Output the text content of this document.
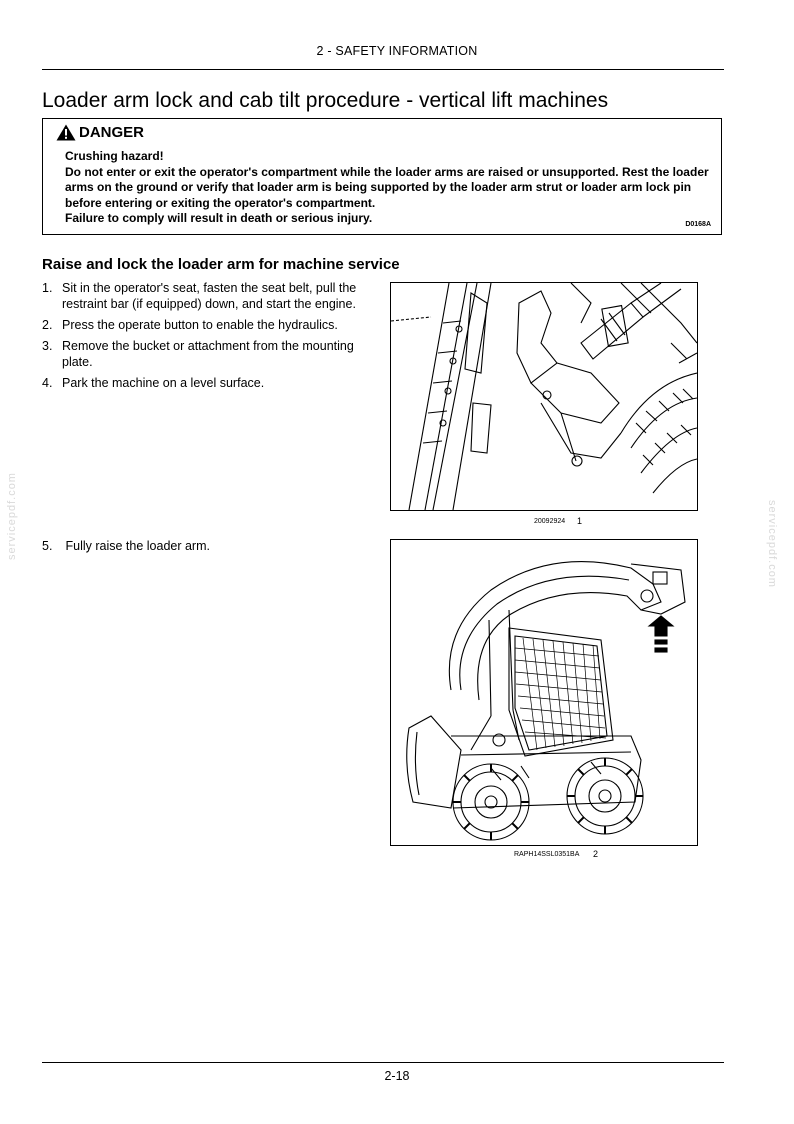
2 - SAFETY INFORMATION
Loader arm lock and cab tilt procedure - vertical lift machines
DANGER

Crushing hazard!

Do not enter or exit the operator's compartment while the loader arms are raised or unsupported. Rest the loader arms on the ground or verify that loader arm is being supported by the loader arm strut or loader arm lock pin before entering or exiting the operator's compartment.

Failure to comply will result in death or serious injury.	D0168A
Raise and lock the loader arm for machine service
1. Sit in the operator's seat, fasten the seat belt, pull the restraint bar (if equipped) down, and start the engine.
2. Press the operate button to enable the hydraulics.
3. Remove the bucket or attachment from the mounting plate.
4. Park the machine on a level surface.
5. Fully raise the loader arm.
20092924 1
RAPH14SSL0351BA 2
2-18
servicepdf.com	servicepdf.com
